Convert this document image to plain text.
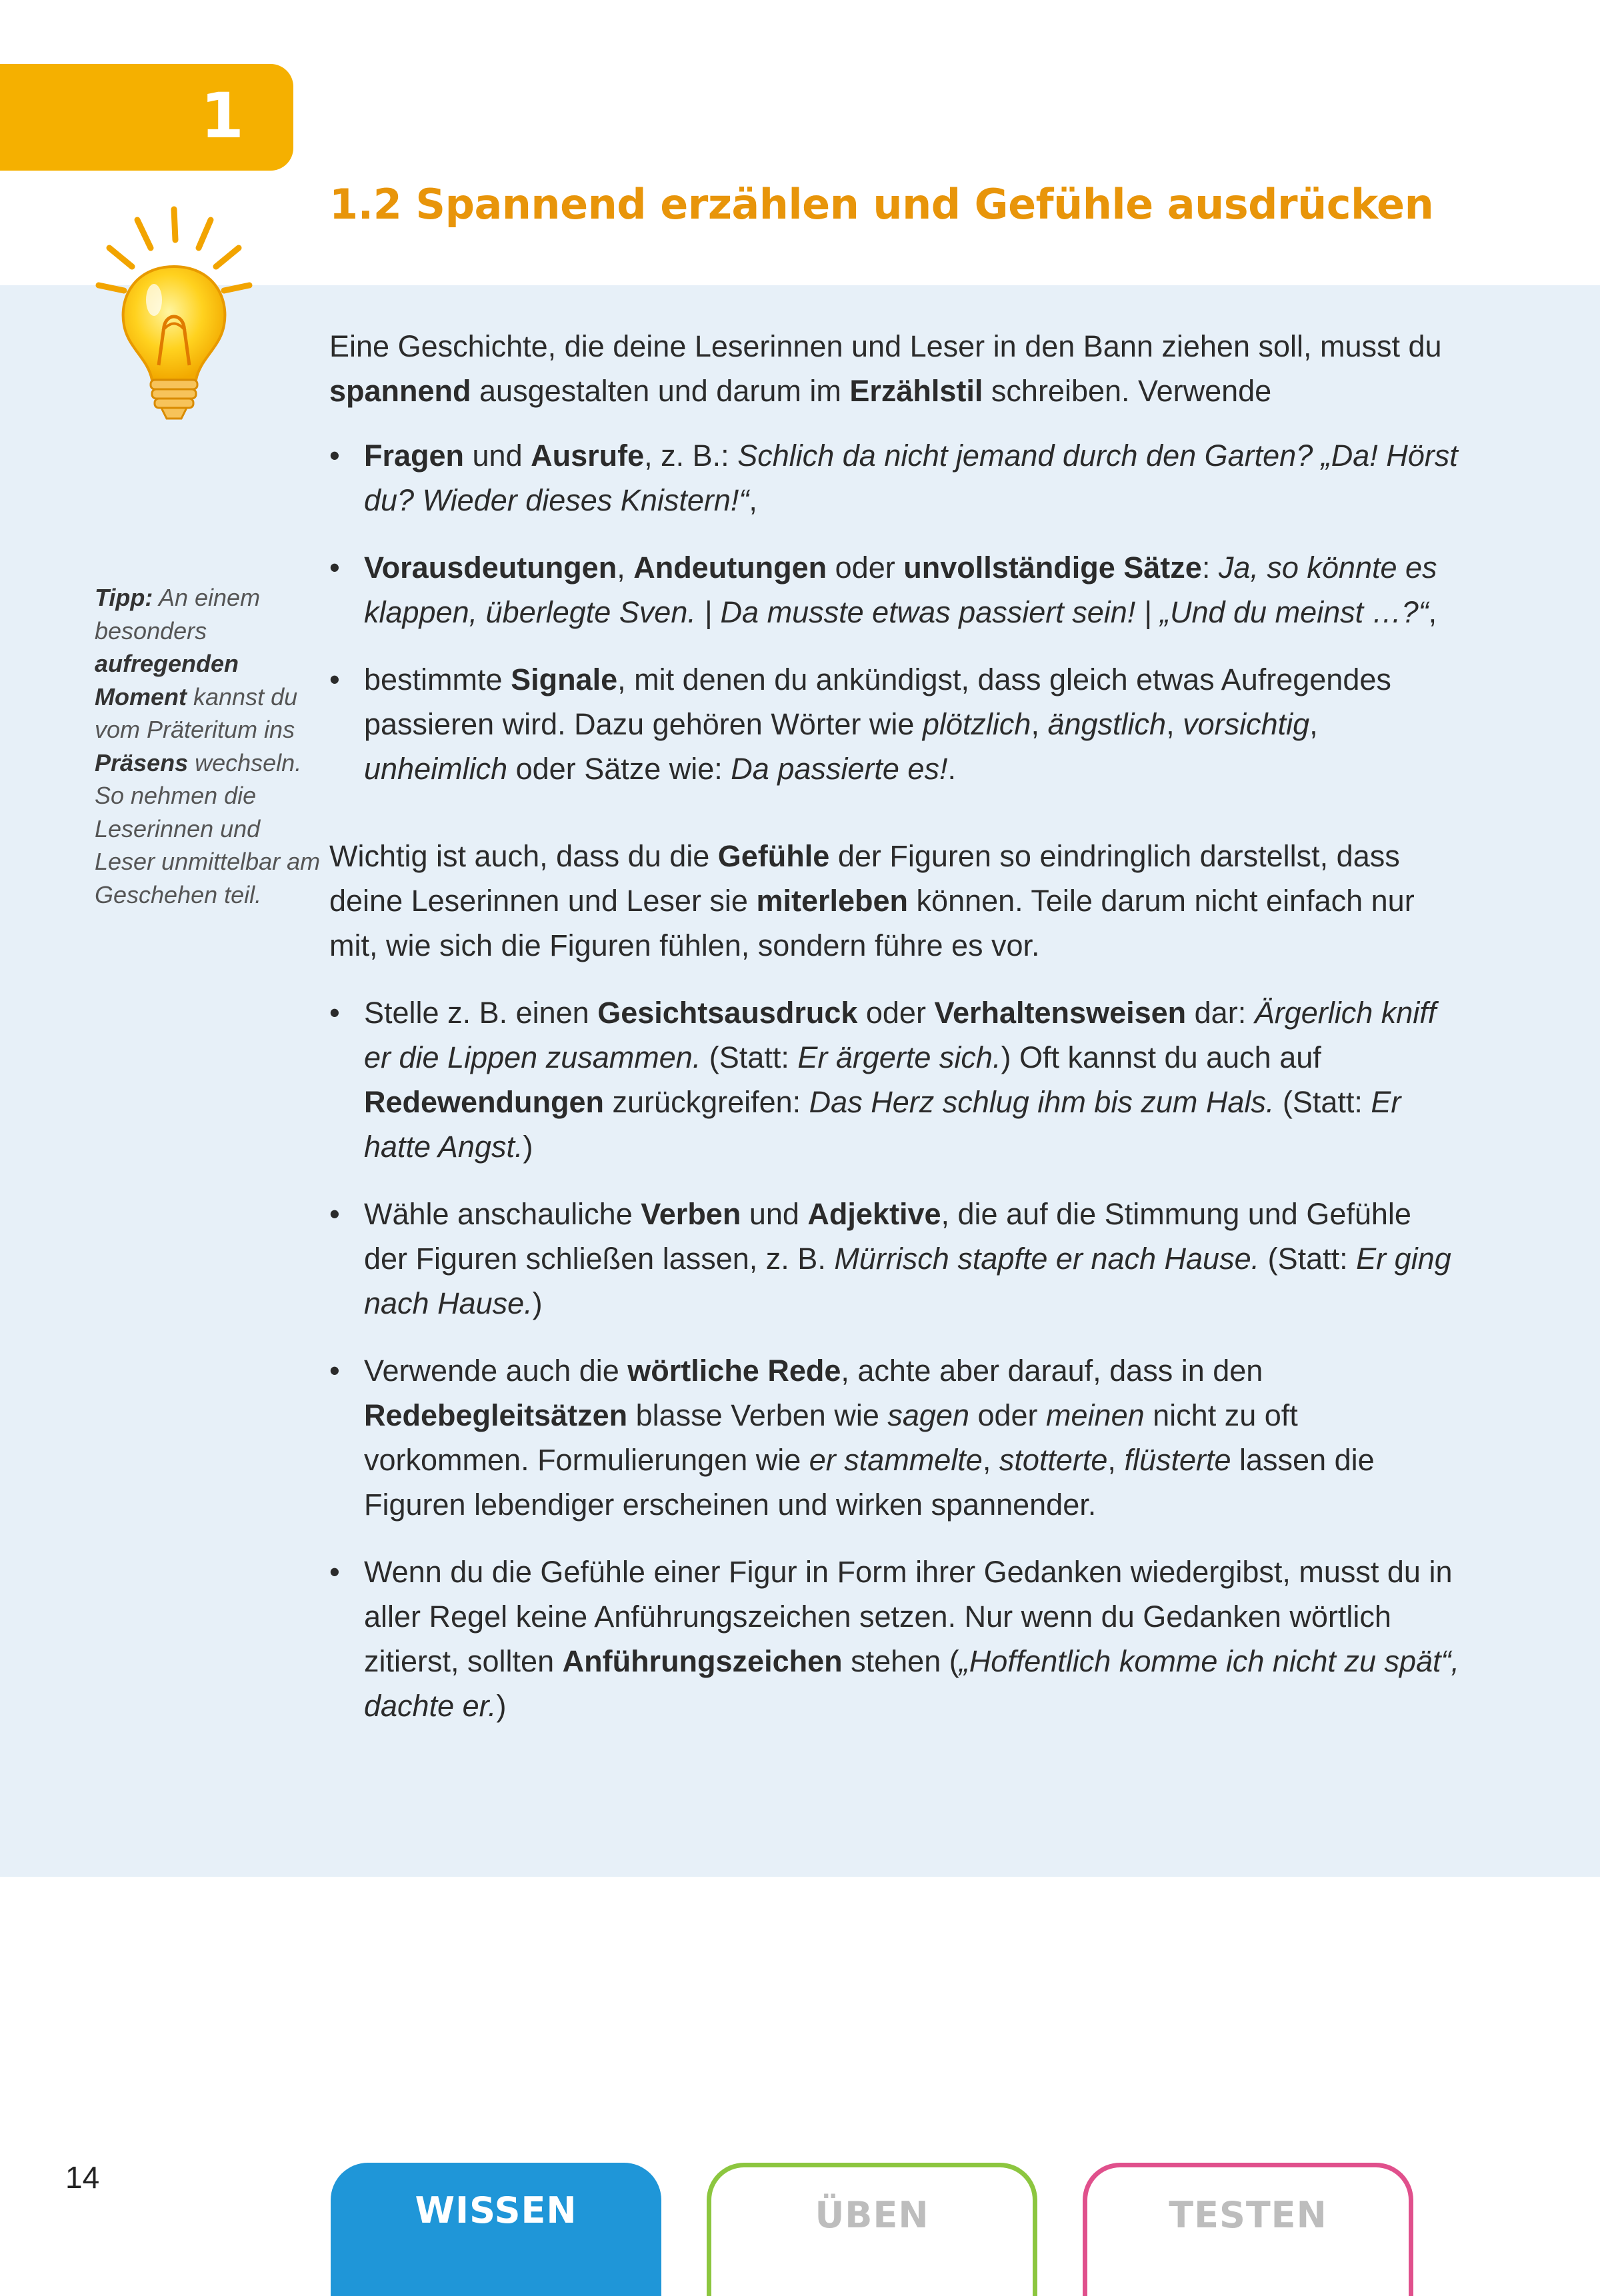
1
1.2 Spannend erzählen und Gefühle ausdrücken
Tipp: An einem besonders aufregenden Moment kannst du vom Präteritum ins Präsens wechseln. So nehmen die Leserinnen und Leser unmittelbar am Geschehen teil.

Eine Geschichte, die deine Leserinnen und Leser in den Bann ziehen soll, musst du spannend ausgestalten und darum im Erzählstil schreiben. Verwende

• Fragen und Ausrufe, z. B.: Schlich da nicht jemand durch den Garten? „Da! Hörst du? Wieder dieses Knistern!“,
• Vorausdeutungen, Andeutungen oder unvollständige Sätze: Ja, so könnte es klappen, überlegte Sven. | Da musste etwas passiert sein! | „Und du meinst …?“,
• bestimmte Signale, mit denen du ankündigst, dass gleich etwas Aufregendes passieren wird. Dazu gehören Wörter wie plötzlich, ängstlich, vorsichtig, unheimlich oder Sätze wie: Da passierte es!.

Wichtig ist auch, dass du die Gefühle der Figuren so eindringlich darstellst, dass deine Leserinnen und Leser sie miterleben können. Teile darum nicht einfach nur mit, wie sich die Figuren fühlen, sondern führe es vor.

• Stelle z. B. einen Gesichtsausdruck oder Verhaltensweisen dar: Ärgerlich kniff er die Lippen zusammen. (Statt: Er ärgerte sich.) Oft kannst du auch auf Redewendungen zurückgreifen: Das Herz schlug ihm bis zum Hals. (Statt: Er hatte Angst.)
• Wähle anschauliche Verben und Adjektive, die auf die Stimmung und Gefühle der Figuren schließen lassen, z. B. Mürrisch stapfte er nach Hause. (Statt: Er ging nach Hause.)
• Verwende auch die wörtliche Rede, achte aber darauf, dass in den Redebegleitsätzen blasse Verben wie sagen oder meinen nicht zu oft vorkommen. Formulierungen wie er stammelte, stotterte, flüsterte lassen die Figuren lebendiger erscheinen und wirken spannender.
• Wenn du die Gefühle einer Figur in Form ihrer Gedanken wiedergibst, musst du in aller Regel keine Anführungszeichen setzen. Nur wenn du Gedanken wörtlich zitierst, sollten Anführungszeichen stehen („Hoffentlich komme ich nicht zu spät“, dachte er.)
14
WISSEN	ÜBEN	TESTEN
